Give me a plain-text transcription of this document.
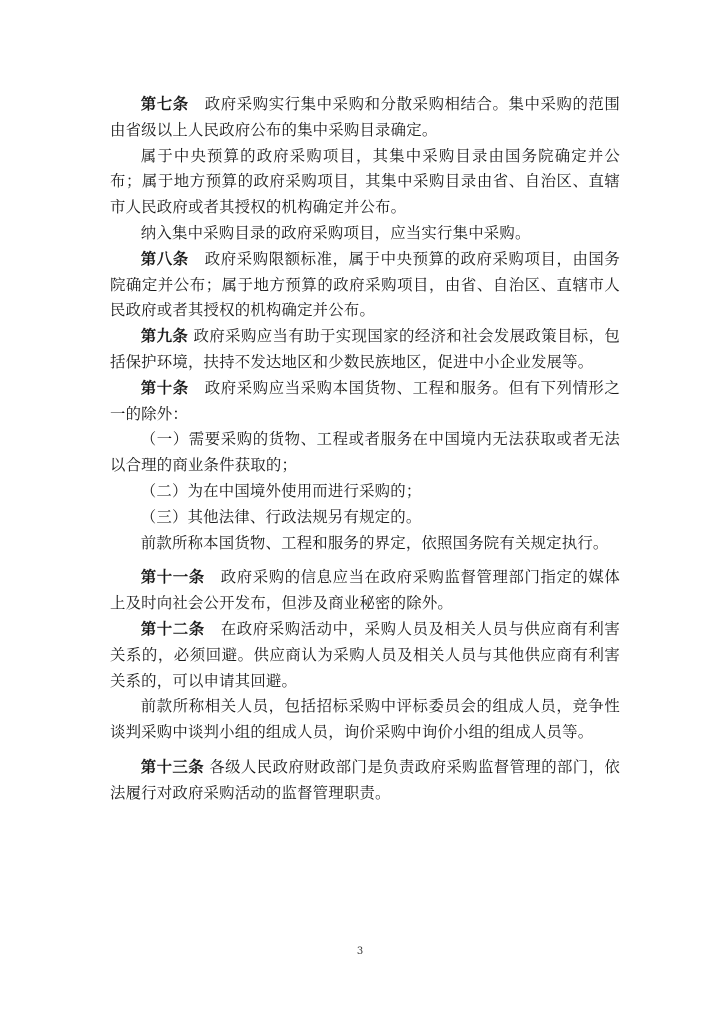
第七条　 政府采购实行集中采购和分散采购相结合。集中采购的范围由省级以上人民政府公布的集中采购目录确定。

属于中央预算的政府采购项目，其集中采购目录由国务院确定并公布；属于地方预算的政府采购项目，其集中采购目录由省、自治区、直辖市人民政府或者其授权的机构确定并公布。

纳入集中采购目录的政府采购项目，应当实行集中采购。

第八条　 政府采购限额标准，属于中央预算的政府采购项目，由国务院确定并公布；属于地方预算的政府采购项目，由省、自治区、直辖市人民政府或者其授权的机构确定并公布。

第九条 政府采购应当有助于实现国家的经济和社会发展政策目标，包括保护环境，扶持不发达地区和少数民族地区，促进中小企业发展等。

第十条　 政府采购应当采购本国货物、工程和服务。但有下列情形之一的除外：

（一）需要采购的货物、工程或者服务在中国境内无法获取或者无法以合理的商业条件获取的；

（二）为在中国境外使用而进行采购的；

（三）其他法律、行政法规另有规定的。

前款所称本国货物、工程和服务的界定，依照国务院有关规定执行。

第十一条　 政府采购的信息应当在政府采购监督管理部门指定的媒体上及时向社会公开发布，但涉及商业秘密的除外。

第十二条　 在政府采购活动中，采购人员及相关人员与供应商有利害关系的，必须回避。供应商认为采购人员及相关人员与其他供应商有利害关系的，可以申请其回避。

前款所称相关人员，包括招标采购中评标委员会的组成人员，竞争性谈判采购中谈判小组的组成人员，询价采购中询价小组的组成人员等。

第十三条 各级人民政府财政部门是负责政府采购监督管理的部门，依法履行对政府采购活动的监督管理职责。

3
